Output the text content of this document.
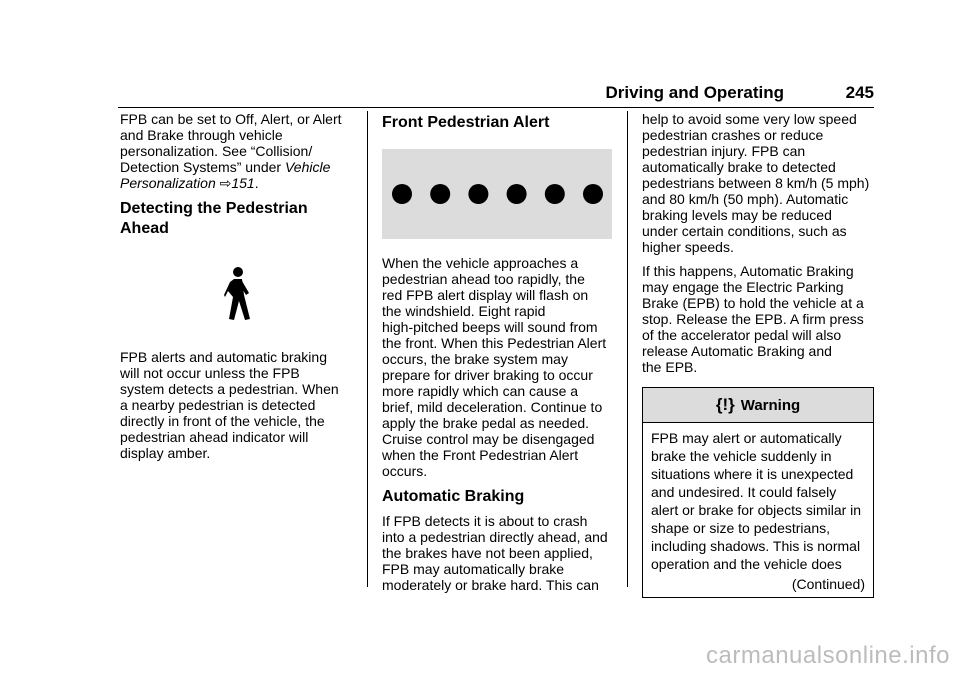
Driving and Operating	245

FPB can be set to Off, Alert, or Alert
and Brake through vehicle
personalization. See “Collision/
Detection Systems” under Vehicle
Personalization ⇨151.

Detecting the Pedestrian
Ahead

FPB alerts and automatic braking
will not occur unless the FPB
system detects a pedestrian. When
a nearby pedestrian is detected
directly in front of the vehicle, the
pedestrian ahead indicator will
display amber.

Front Pedestrian Alert

When the vehicle approaches a
pedestrian ahead too rapidly, the
red FPB alert display will flash on
the windshield. Eight rapid
high-pitched beeps will sound from
the front. When this Pedestrian Alert
occurs, the brake system may
prepare for driver braking to occur
more rapidly which can cause a
brief, mild deceleration. Continue to
apply the brake pedal as needed.
Cruise control may be disengaged
when the Front Pedestrian Alert
occurs.

Automatic Braking

If FPB detects it is about to crash
into a pedestrian directly ahead, and
the brakes have not been applied,
FPB may automatically brake
moderately or brake hard. This can

help to avoid some very low speed
pedestrian crashes or reduce
pedestrian injury. FPB can
automatically brake to detected
pedestrians between 8 km/h (5 mph)
and 80 km/h (50 mph). Automatic
braking levels may be reduced
under certain conditions, such as
higher speeds.

If this happens, Automatic Braking
may engage the Electric Parking
Brake (EPB) to hold the vehicle at a
stop. Release the EPB. A firm press
of the accelerator pedal will also
release Automatic Braking and
the EPB.

{!} Warning
FPB may alert or automatically
brake the vehicle suddenly in
situations where it is unexpected
and undesired. It could falsely
alert or brake for objects similar in
shape or size to pedestrians,
including shadows. This is normal
operation and the vehicle does
(Continued)
carmanualsonline.info
